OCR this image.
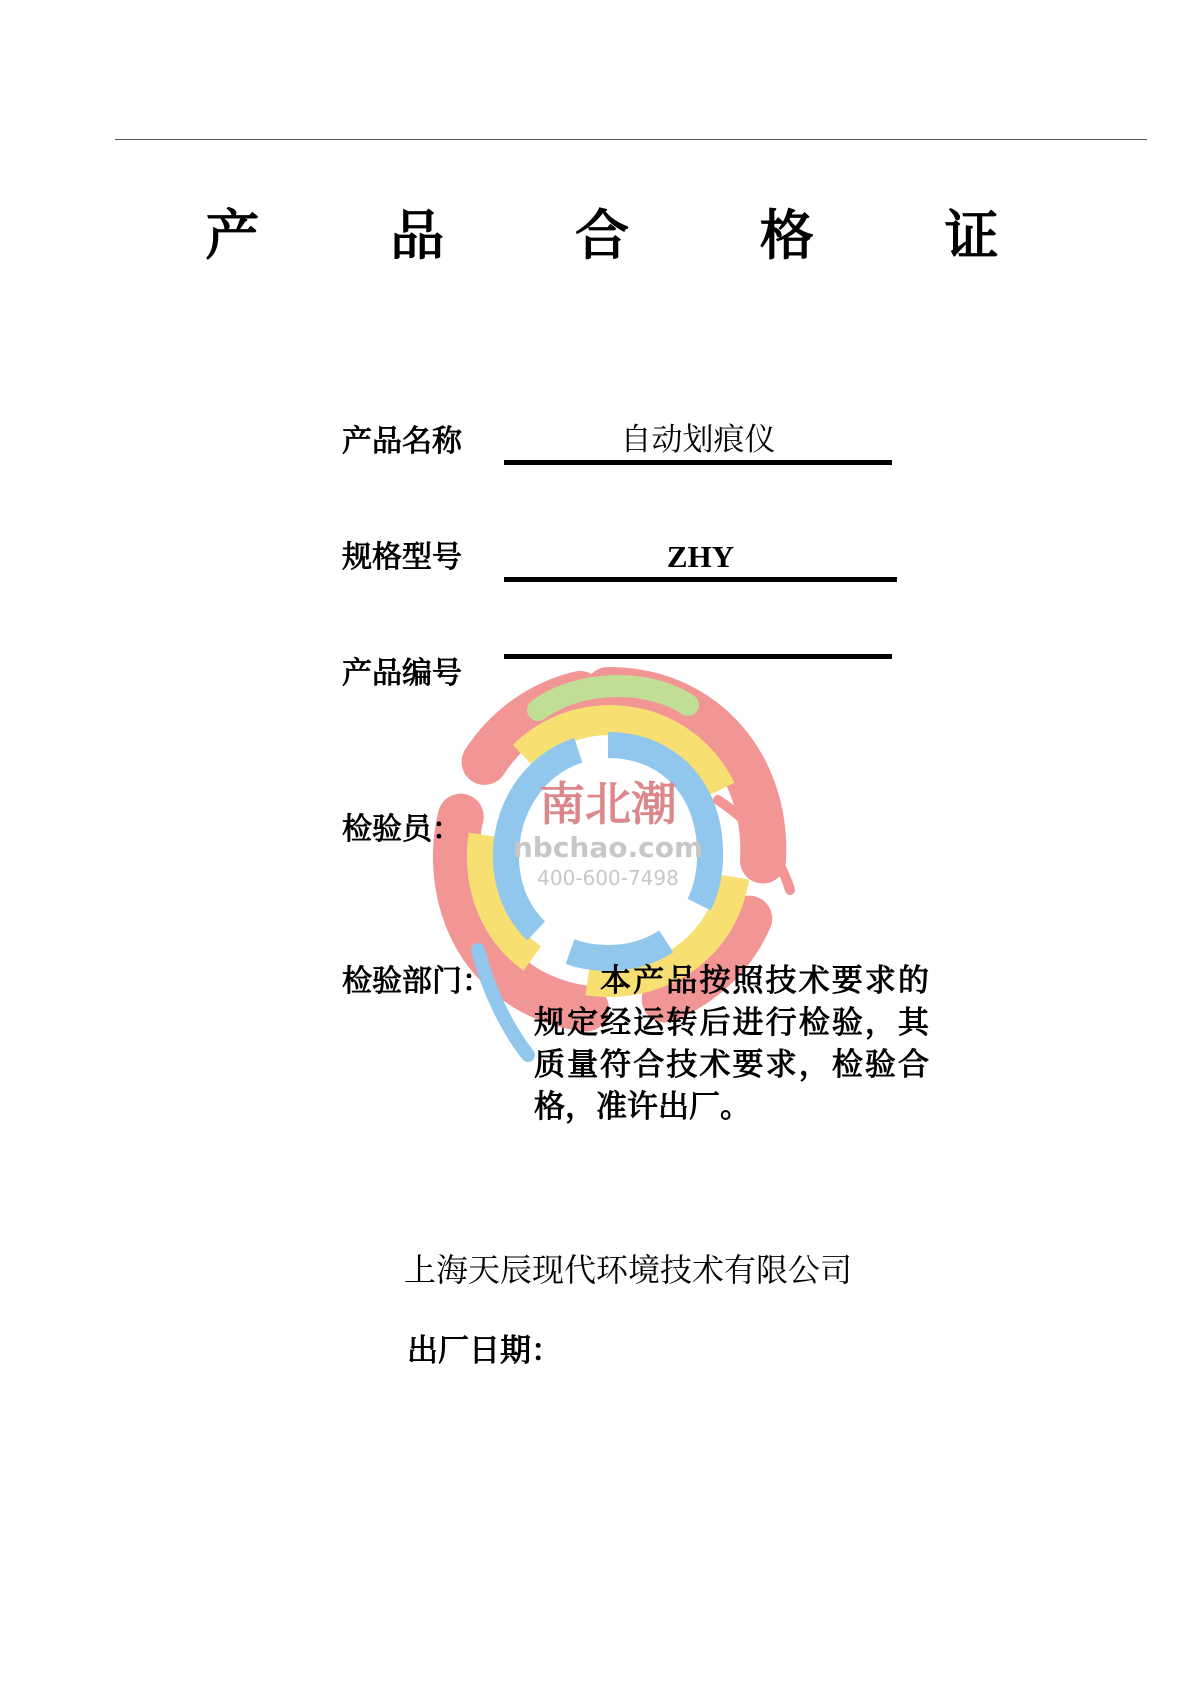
产 品 合 格 证
南北潮
nbchao.com
400-600-7498
产品名称	自动划痕仪
规格型号	ZHY
产品编号
检验员：
检验部门：	本产品按照技术要求的规定经运转后进行检验，其质量符合技术要求，检验合格，准许出厂。
上海天辰现代环境技术有限公司
出厂日期：
